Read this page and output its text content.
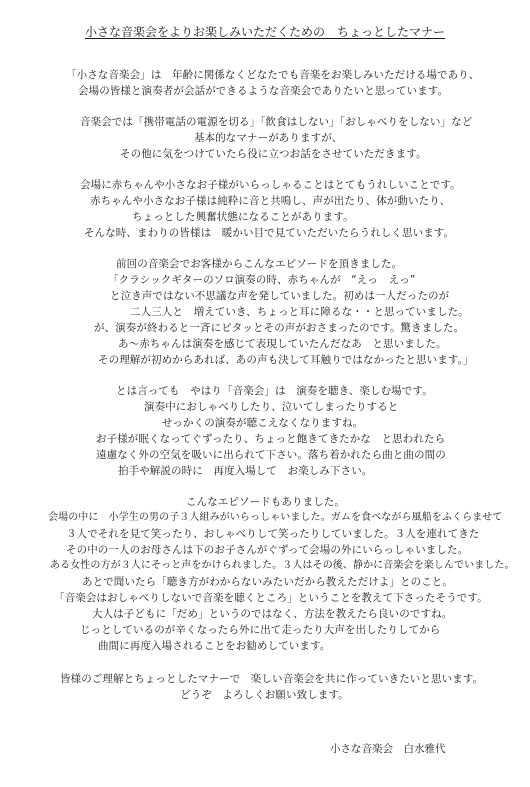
小さな音楽会をよりお楽しみいただくための　ちょっとしたマナー
「小さな音楽会」は　年齢に関係なくどなたでも音楽をお楽しみいただける場であり、
会場の皆様と演奏者が会話ができるような音楽会でありたいと思っています。
音楽会では「携帯電話の電源を切る」「飲食はしない」「おしゃべりをしない」など
基本的なマナーがありますが、
その他に気をつけていたら役に立つお話をさせていただきます。
会場に赤ちゃんや小さなお子様がいらっしゃることはとてもうれしいことです。
赤ちゃんや小さなお子様は純粋に音と共鳴し、声が出たり、体が動いたり、
ちょっとした興奮状態になることがあります。
そんな時、まわりの皆様は　暖かい目で見ていただいたらうれしく思います。
前回の音楽会でお客様からこんなエピソードを頂きました。
「クラシックギターのソロ演奏の時、赤ちゃんが　“えっ　えっ”
と泣き声ではない不思議な声を発していました。初めは一人だったのが
二人三人と　増えていき、ちょっと耳に障るな・・と思っていました。
が、演奏が終わると一斉にピタッとその声がおさまったのです。驚きました。
あ～赤ちゃんは演奏を感じて表現していたんだなあ　と思いました。
その理解が初めからあれば、あの声も決して耳触りではなかったと思います。」
とは言っても　やはり「音楽会」は　演奏を聴き、楽しむ場です。
演奏中におしゃべりしたり、泣いてしまったりすると
せっかくの演奏が聴こえなくなりますね。
お子様が眠くなってぐずったり、ちょっと飽きてきたかな　と思われたら
遠慮なく外の空気を吸いに出られて下さい。落ち着かれたら曲と曲の間の
拍手や解説の時に　再度入場して　お楽しみ下さい。
こんなエピソードもありました。
会場の中に　小学生の男の子３人組みがいらっしゃいました。ガムを食べながら風船をふくらませて
３人でそれを見て笑ったり、おしゃべりして笑ったりしていました。３人を連れてきた
その中の一人のお母さんは下のお子さんがぐずって会場の外にいらっしゃいました。
ある女性の方が３人にそっと声をかけられました。３人はその後、静かに音楽会を楽しんでいました。
あとで聞いたら「聴き方がわからないみたいだから教えただけよ」とのこと。
「音楽会はおしゃべりしないで音楽を聴くところ」ということを教えて下さったそうです。
大人は子どもに「だめ」というのではなく、方法を教えたら良いのですね。
じっとしているのが辛くなったら外に出て走ったり大声を出したりしてから
曲間に再度入場されることをお勧めしています。
皆様のご理解とちょっとしたマナーで　楽しい音楽会を共に作っていきたいと思います。
どうぞ　よろしくお願い致します。
小さな音楽会　白水雅代
